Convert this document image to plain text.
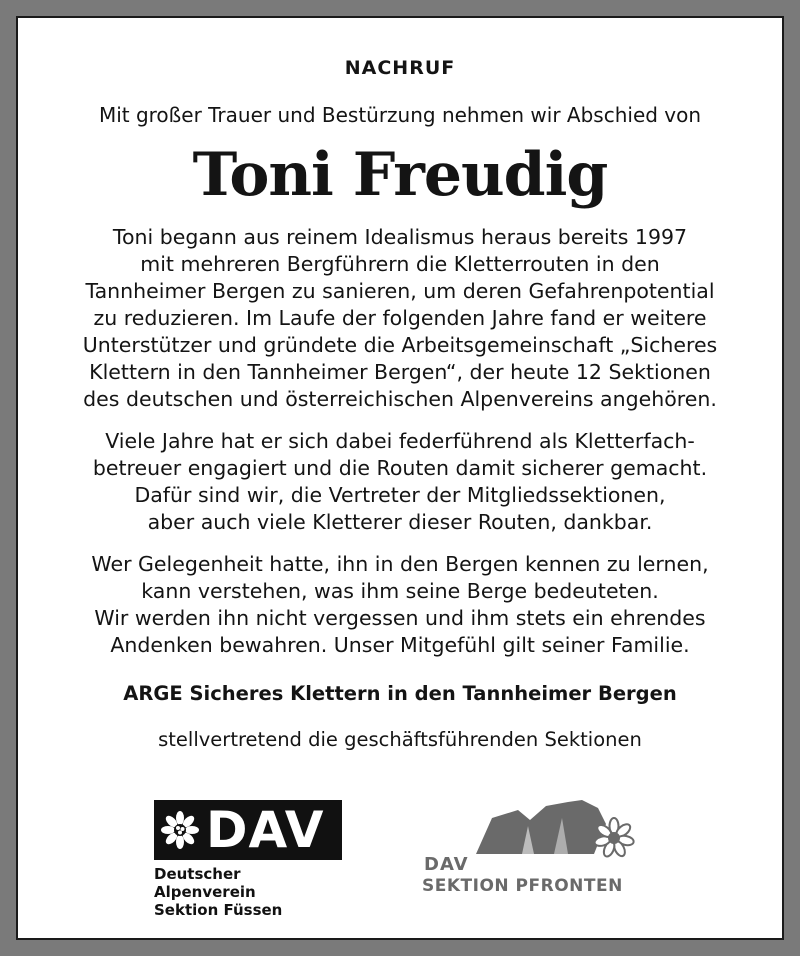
NACHRUF
Mit großer Trauer und Bestürzung nehmen wir Abschied von
Toni Freudig

Toni begann aus reinem Idealismus heraus bereits 1997

mit mehreren Bergführern die Kletterrouten in den

Tannheimer Bergen zu sanieren, um deren Gefahrenpotential

zu reduzieren. Im Laufe der folgenden Jahre fand er weitere

Unterstützer und gründete die Arbeitsgemeinschaft „Sicheres

Klettern in den Tannheimer Bergen“, der heute 12 Sektionen

des deutschen und österreichischen Alpenvereins angehören.

Viele Jahre hat er sich dabei federführend als Kletterfach-

betreuer engagiert und die Routen damit sicherer gemacht.

Dafür sind wir, die Vertreter der Mitgliedssektionen,

aber auch viele Kletterer dieser Routen, dankbar.

Wer Gelegenheit hatte, ihn in den Bergen kennen zu lernen,

kann verstehen, was ihm seine Berge bedeuteten.

Wir werden ihn nicht vergessen und ihm stets ein ehrendes

Andenken bewahren. Unser Mitgefühl gilt seiner Familie.

ARGE Sicheres Klettern in den Tannheimer Bergen
stellvertretend die geschäftsführenden Sektionen
DAV
Deutscher Alpenverein
Sektion Füssen
DAV
SEKTION PFRONTEN
